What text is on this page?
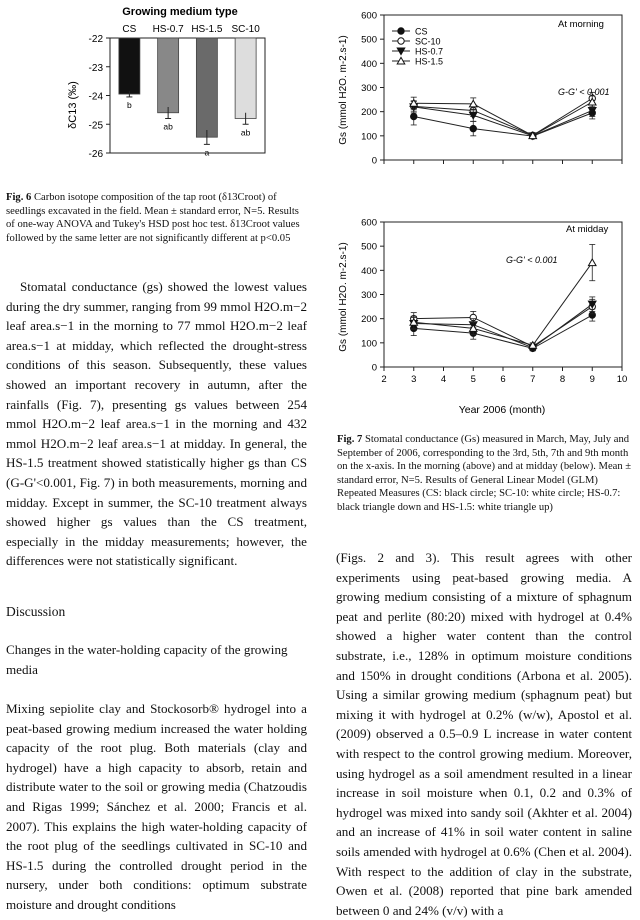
Growing medium type
CS HS-0.7 HS-1.5 SC-10
-22
-23
-24
-25
-26
b
ab
a
ab
δC13 (‰)
Fig. 6 Carbon isotope composition of the tap root (δ13Croot) of seedlings excavated in the field. Mean ± standard error, N=5. Results of one-way ANOVA and Tukey's HSD post hoc test. δ13Croot values followed by the same letter are not significantly different at p<0.05
0
100
200
300
400
500
600
0
100
200
300
400
500
600
2	3	4	5	6	7	8	9 10
CS
SC-10
HS-0.7
HS-1.5
Year 2006 (month)
Gs (mmol H2O. m-2.s-1)
Gs (mmol H2O. m-2.s-1)
At morning
At midday
G-G' < 0.001
G-G' < 0.001
Fig. 7 Stomatal conductance (Gs) measured in March, May, July and September of 2006, corresponding to the 3rd, 5th, 7th and 9th month on the x-axis. In the morning (above) and at midday (below). Mean ± standard error, N=5. Results of General Linear Model (GLM) Repeated Measures (CS: black circle; SC-10: white circle; HS-0.7: black triangle down and HS-1.5: white triangle up)
Stomatal conductance (gs) showed the lowest values during the dry summer, ranging from 99 mmol H2O.m−2 leaf area.s−1 in the morning to 77 mmol H2O.m−2 leaf area.s−1 at midday, which reflected the drought-stress conditions of this season. Subsequently, these values showed an important recovery in autumn, after the rainfalls (Fig. 7), presenting gs values between 254 mmol H2O.m−2 leaf area.s−1 in the morning and 432 mmol H2O.m−2 leaf area.s−1 at midday. In general, the HS-1.5 treatment showed statistically higher gs than CS (G-G'<0.001, Fig. 7) in both measurements, morning and midday. Except in summer, the SC-10 treatment always showed higher gs values than the CS treatment, especially in the midday measurements; however, the differences were not statistically significant.
Discussion
Changes in the water-holding capacity of the growing media
Mixing sepiolite clay and Stockosorb® hydrogel into a peat-based growing medium increased the water holding capacity of the root plug. Both materials (clay and hydrogel) have a high capacity to absorb, retain and distribute water to the soil or growing media (Chatzoudis and Rigas 1999; Sánchez et al. 2000; Francis et al. 2007). This explains the high water-holding capacity of the root plug of the seedlings cultivated in SC-10 and HS-1.5 during the controlled drought period in the nursery, under both conditions: optimum substrate moisture and drought conditions
(Figs. 2 and 3). This result agrees with other experiments using peat-based growing media. A growing medium consisting of a mixture of sphagnum peat and perlite (80:20) mixed with hydrogel at 0.4% showed a higher water content than the control substrate, i.e., 128% in optimum moisture conditions and 150% in drought conditions (Arbona et al. 2005). Using a similar growing medium (sphagnum peat) but mixing it with hydrogel at 0.2% (w/w), Apostol et al. (2009) observed a 0.5–0.9 L increase in water content with respect to the control growing medium. Moreover, using hydrogel as a soil amendment resulted in a linear increase in soil moisture when 0.1, 0.2 and 0.3% of hydrogel was mixed into sandy soil (Akhter et al. 2004) and an increase of 41% in soil water content in saline soils amended with hydrogel at 0.6% (Chen et al. 2004). With respect to the addition of clay in the substrate, Owen et al. (2008) reported that pine bark amended between 0 and 24% (v/v) with a
